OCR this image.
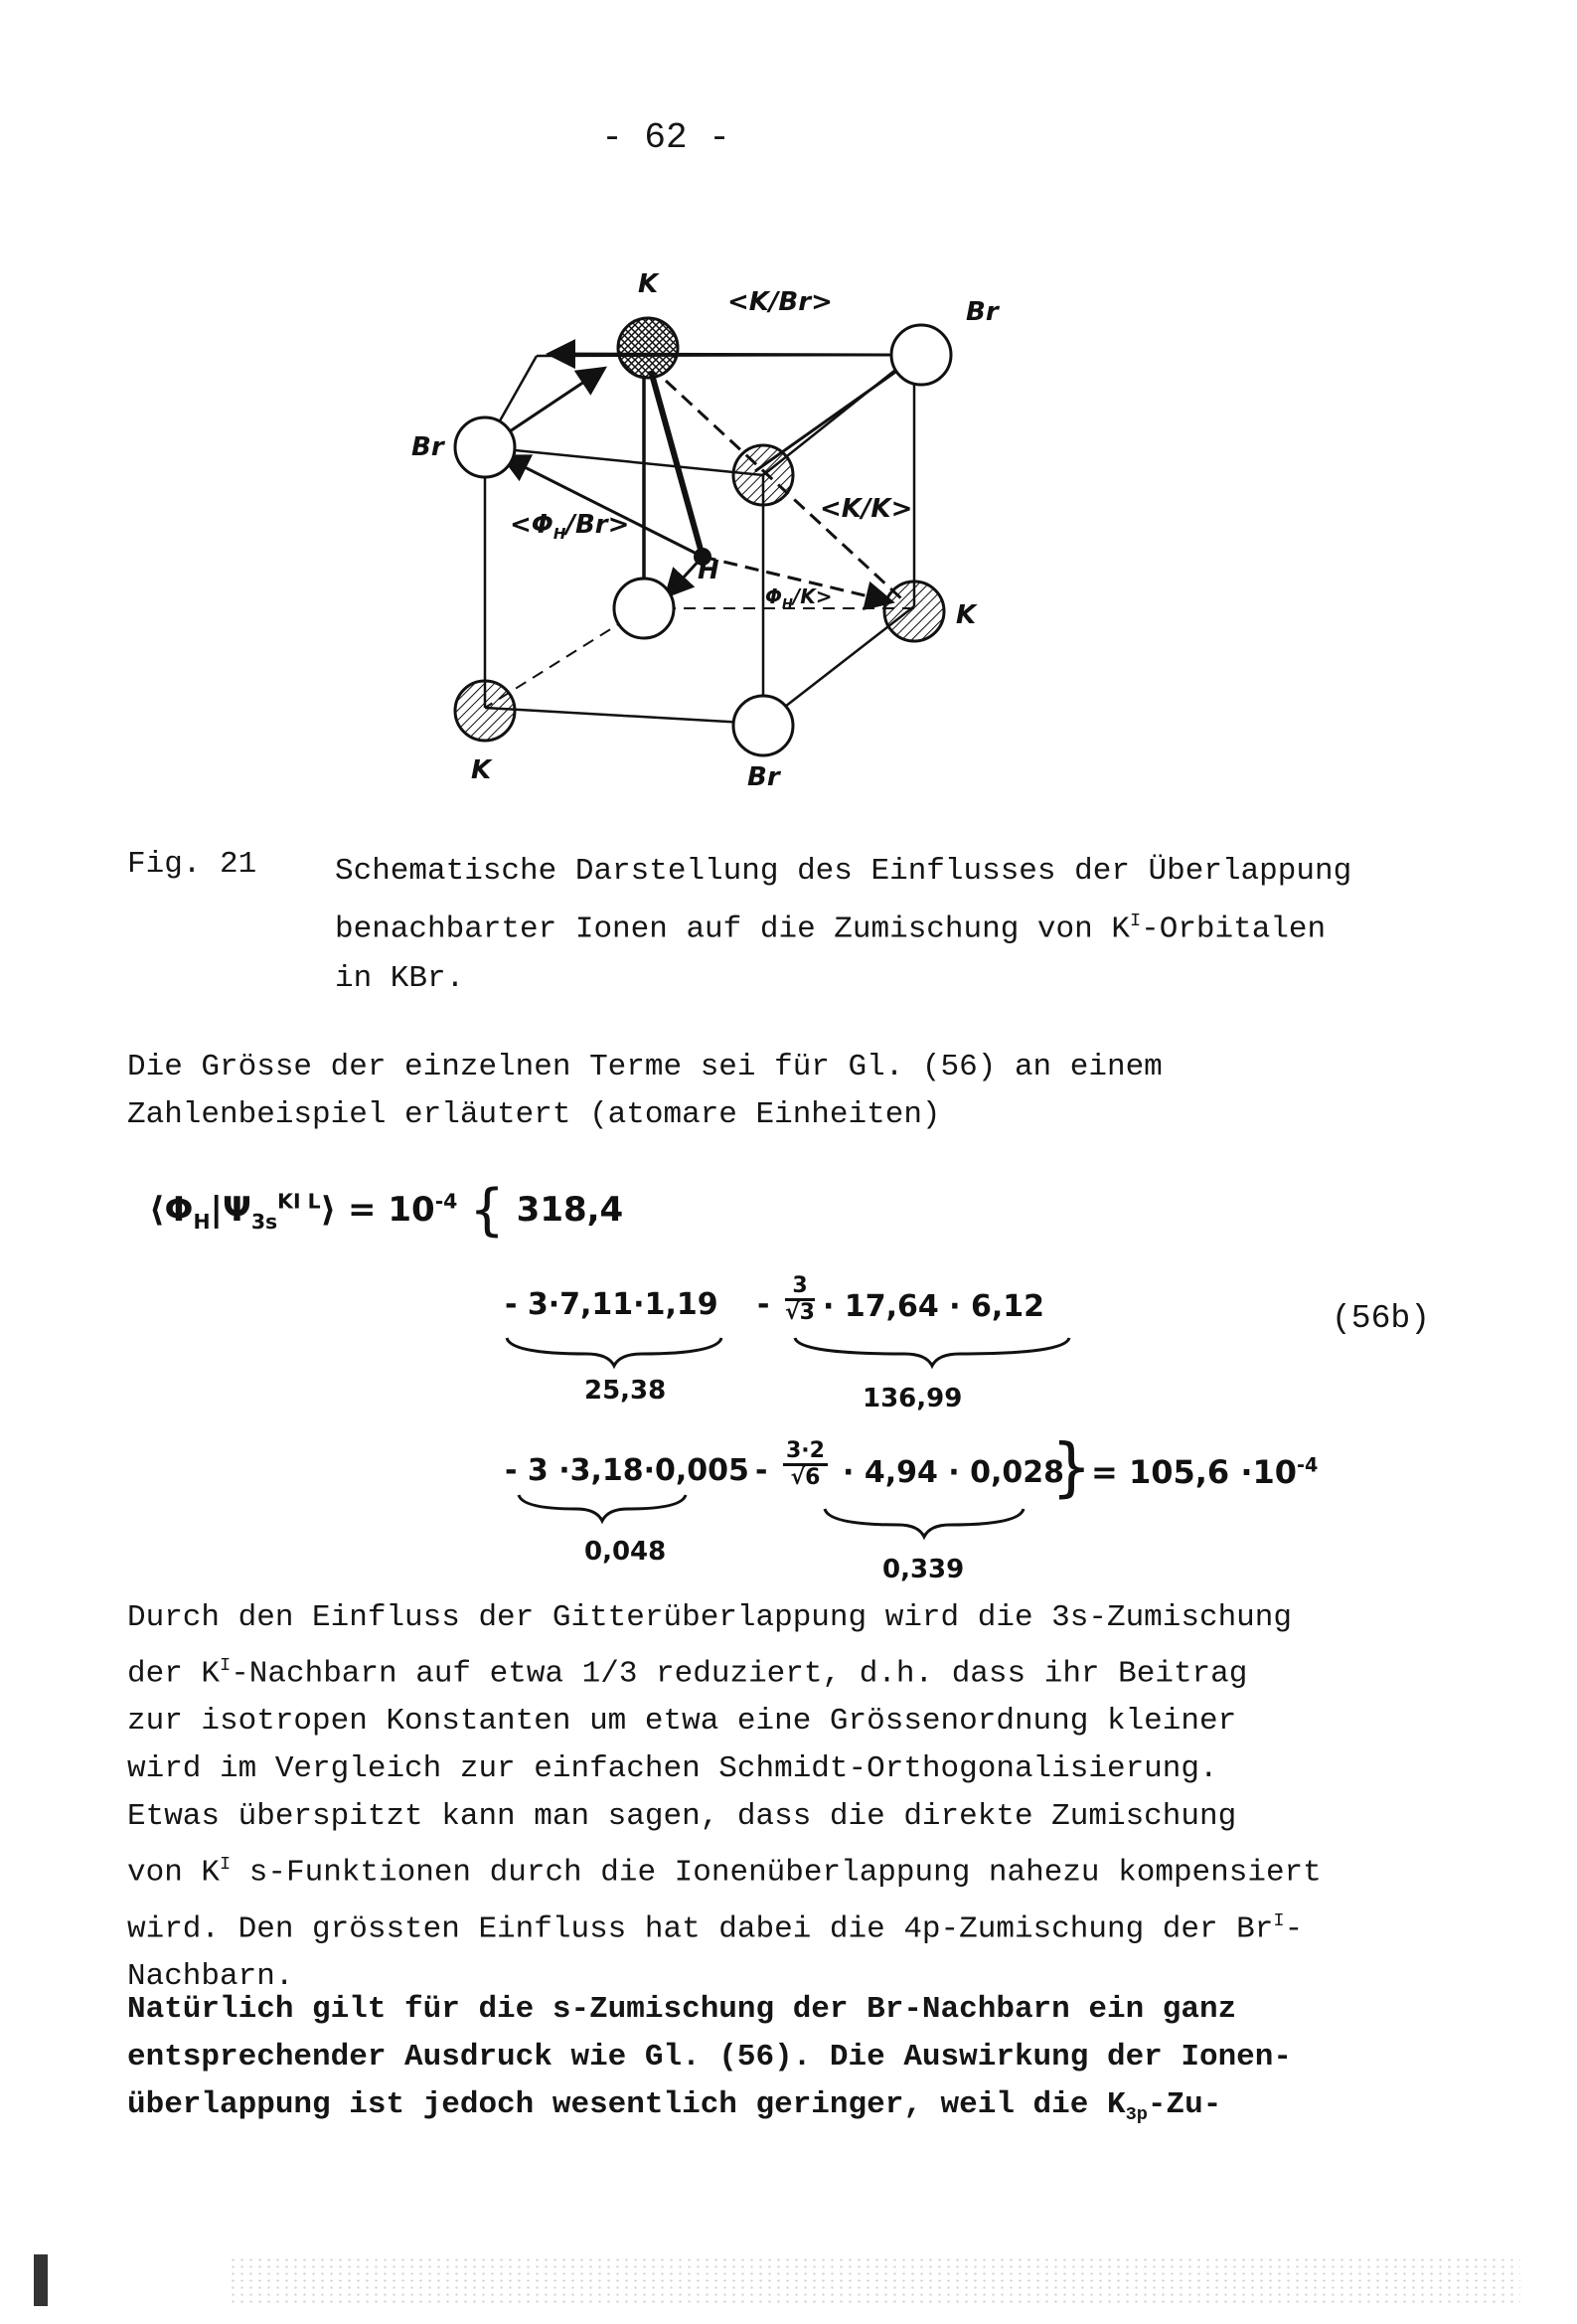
- 62 -
K
<K/Br>	Br
Br
$<\Phi_H/Br>$
<K/K>
H
$\Phi_H/K>$
K
K	Br
Fig. 21	Schematische Darstellung des Einflusses der Überlappung
benachbarter Ionen auf die Zumischung von $K^I$-Orbitalen
in KBr.
Die Grösse der einzelnen Terme sei für Gl. (56) an einem
Zahlenbeispiel erläutert (atomare Einheiten)
$⟨\Phi_H|\Psi_{3s}^{KI L}⟩ = 10^{-4}$ { 318,4
- $3\cdot 7,11\cdot 1,19 - \frac{3}{√3} \cdot 17,64 \cdot 6,12$
25,38	136,99
- $3 \cdot 3,18\cdot 0,005 - \frac{3\cdot 2}{√6} \cdot 4,94 \cdot 0,028$
} = $105,6 \cdot 10^{-4}$
0,048
0,339
(56b)
Durch den Einfluss der Gitterüberlappung wird die 3s-Zumischung
der $K^I$-Nachbarn auf etwa 1/3 reduziert, d.h. dass ihr Beitrag
zur isotropen Konstanten um etwa eine Grössenordnung kleiner
wird im Vergleich zur einfachen Schmidt-Orthogonalisierung.
Etwas überspitzt kann man sagen, dass die direkte Zumischung
von $K^I$ s-Funktionen durch die Ionenüberlappung nahezu kompensiert
wird. Den grössten Einfluss hat dabei die 4p-Zumischung der $Br^I-$
Nachbarn.
Natürlich gilt für die s-Zumischung der Br-Nachbarn ein ganz
entsprechender Ausdruck wie Gl. (56). Die Auswirkung der Ionen-
überlappung ist jedoch wesentlich geringer, weil die $K_{3p}-Zu-$
